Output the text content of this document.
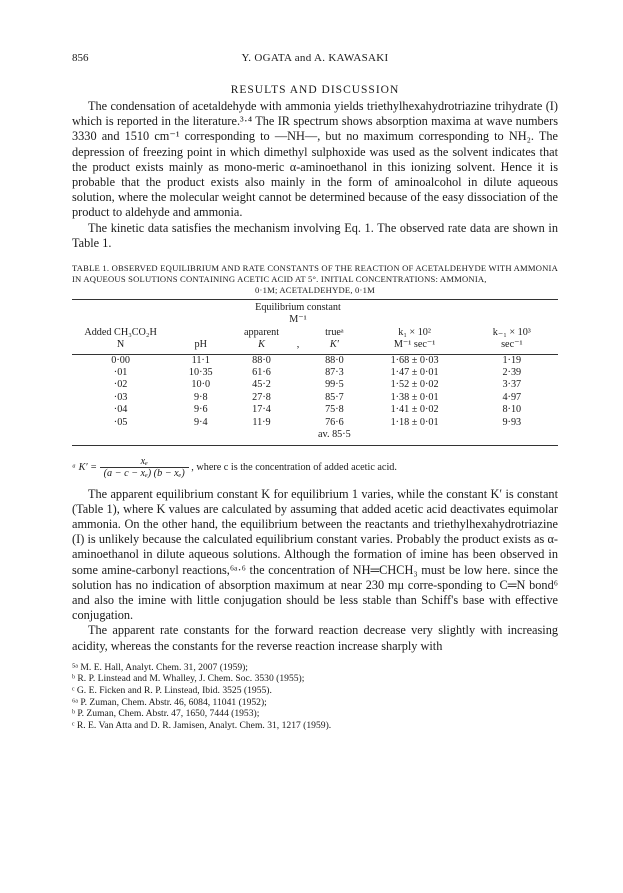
856	Y. OGATA and A. KAWASAKI
RESULTS AND DISCUSSION

The condensation of acetaldehyde with ammonia yields triethylhexahydrotriazine trihydrate (I) which is reported in the literature.³·⁴ The IR spectrum shows absorption maxima at wave numbers 3330 and 1510 cm⁻¹ corresponding to —NH—, but no maximum corresponding to NH₂. The depression of freezing point in which dimethyl sulphoxide was used as the solvent indicates that the product exists mainly as mono-meric α-aminoethanol in this ionizing solvent. Hence it is probable that the product exists also mainly in the form of aminoalcohol in dilute aqueous solution, where the molecular weight cannot be determined because of the easy dissociation of the product to aldehyde and ammonia.

The kinetic data satisfies the mechanism involving Eq. 1. The observed rate data are shown in Table 1.

TABLE 1. OBSERVED EQUILIBRIUM AND RATE CONSTANTS OF THE REACTION OF ACETALDEHYDE WITH AMMONIA IN AQUEOUS SOLUTIONS CONTAINING ACETIC ACID AT 5°. INITIAL CONCENTRATIONS: AMMONIA,
0·1M; ACETALDEHYDE, 0·1M

		Equilibrium constant				
		M⁻¹				
Added CH₃CO₂H		apparent		trueᵃ	k₁ × 10²	k₋₁ × 10³
N	pH	K	,	K′	M⁻¹ sec⁻¹	sec⁻¹

0·00	11·1	88·0		88·0	1·68 ± 0·03	1·19
·01	10·35	61·6		87·3	1·47 ± 0·01	2·39
·02	10·0	45·2		99·5	1·52 ± 0·02	3·37
·03	9·8	27·8		85·7	1·38 ± 0·01	4·97
·04	9·6	17·4		75·8	1·41 ± 0·02	8·10
·05	9·4	11·9		76·6	1·18 ± 0·01	9·93
				av. 85·5		

ᵃ $K' = \frac{\text{xₑ}}{\text{(a − c − xₑ) (b − xₑ)}}$ , where c is the concentration of added acetic acid.

The apparent equilibrium constant K for equilibrium 1 varies, while the constant K′ is constant (Table 1), where K values are calculated by assuming that added acetic acid deactivates equimolar ammonia. On the other hand, the equilibrium between the reactants and triethylhexahydrotriazine (I) is unlikely because the calculated equilibrium constant varies. Probably the product exists as α-aminoethanol in dilute aqueous solutions. Although the formation of imine has been observed in some amine-carbonyl reactions,⁶ᵃ·⁶ the concentration of NH═CHCH₃ must be low here. since the solution has no indication of absorption maximum at near 230 mμ corre-sponding to C═N bond⁶ and also the imine with little conjugation should be less stable than Schiff's base with effective conjugation.

The apparent rate constants for the forward reaction decrease very slightly with increasing acidity, whereas the constants for the reverse reaction increase sharply with

⁵ᵃ M. E. Hall, Analyt. Chem. 31, 2007 (1959);
ᵇ R. P. Linstead and M. Whalley, J. Chem. Soc. 3530 (1955);
ᶜ G. E. Ficken and R. P. Linstead, Ibid. 3525 (1955).
⁶ᵃ P. Zuman, Chem. Abstr. 46, 6084, 11041 (1952);
ᵇ P. Zuman, Chem. Abstr. 47, 1650, 7444 (1953);
ᶜ R. E. Van Atta and D. R. Jamisen, Analyt. Chem. 31, 1217 (1959).
